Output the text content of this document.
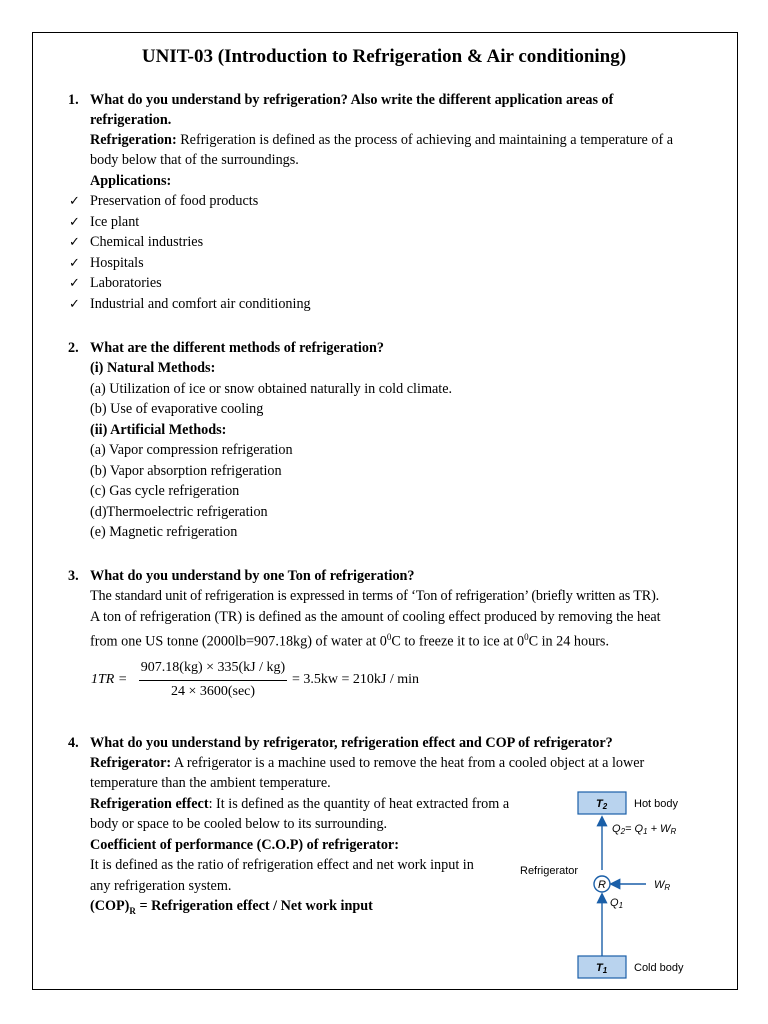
UNIT-03 (Introduction to Refrigeration & Air conditioning)
1. What do you understand by refrigeration? Also write the different application areas of
refrigeration.
Refrigeration: Refrigeration is defined as the process of achieving and maintaining a temperature of a
body below that of the surroundings.
Applications:
✓ Preservation of food products
✓ Ice plant
✓ Chemical industries
✓ Hospitals
✓ Laboratories
✓ Industrial and comfort air conditioning
2. What are the different methods of refrigeration?
(i) Natural Methods:
(a) Utilization of ice or snow obtained naturally in cold climate.
(b) Use of evaporative cooling
(ii) Artificial Methods:
(a) Vapor compression refrigeration
(b) Vapor absorption refrigeration
(c) Gas cycle refrigeration
(d)Thermoelectric refrigeration
(e) Magnetic refrigeration
3. What do you understand by one Ton of refrigeration?
The standard unit of refrigeration is expressed in terms of ‘Ton of refrigeration’ (briefly written as TR).
A ton of refrigeration (TR) is defined as the amount of cooling effect produced by removing the heat
from one US tonne (2000lb=907.18kg) of water at $0^0C$ to freeze it to ice at $0^0C$ in 24 hours.
1TR =
907.18(kg) × 335(kJ / kg)
24 × 3600(sec)
= 3.5kw = 210kJ / min
4. What do you understand by refrigerator, refrigeration effect and COP of refrigerator?
Refrigerator: A refrigerator is a machine used to remove the heat from a cooled object at a lower
temperature than the ambient temperature.
Refrigeration effect: It is defined as the quantity of heat extracted from a
body or space to be cooled below to its surrounding.
Coefficient of performance (C.O.P) of refrigerator:
It is defined as the ratio of refrigeration effect and net work input in
any refrigeration system.
$(COP)_R$ = Refrigeration effect / Net work input
T2 Hot body
Q2= Q1 + WR
Refrigerator
R	WR
Q1
T1 Cold body
